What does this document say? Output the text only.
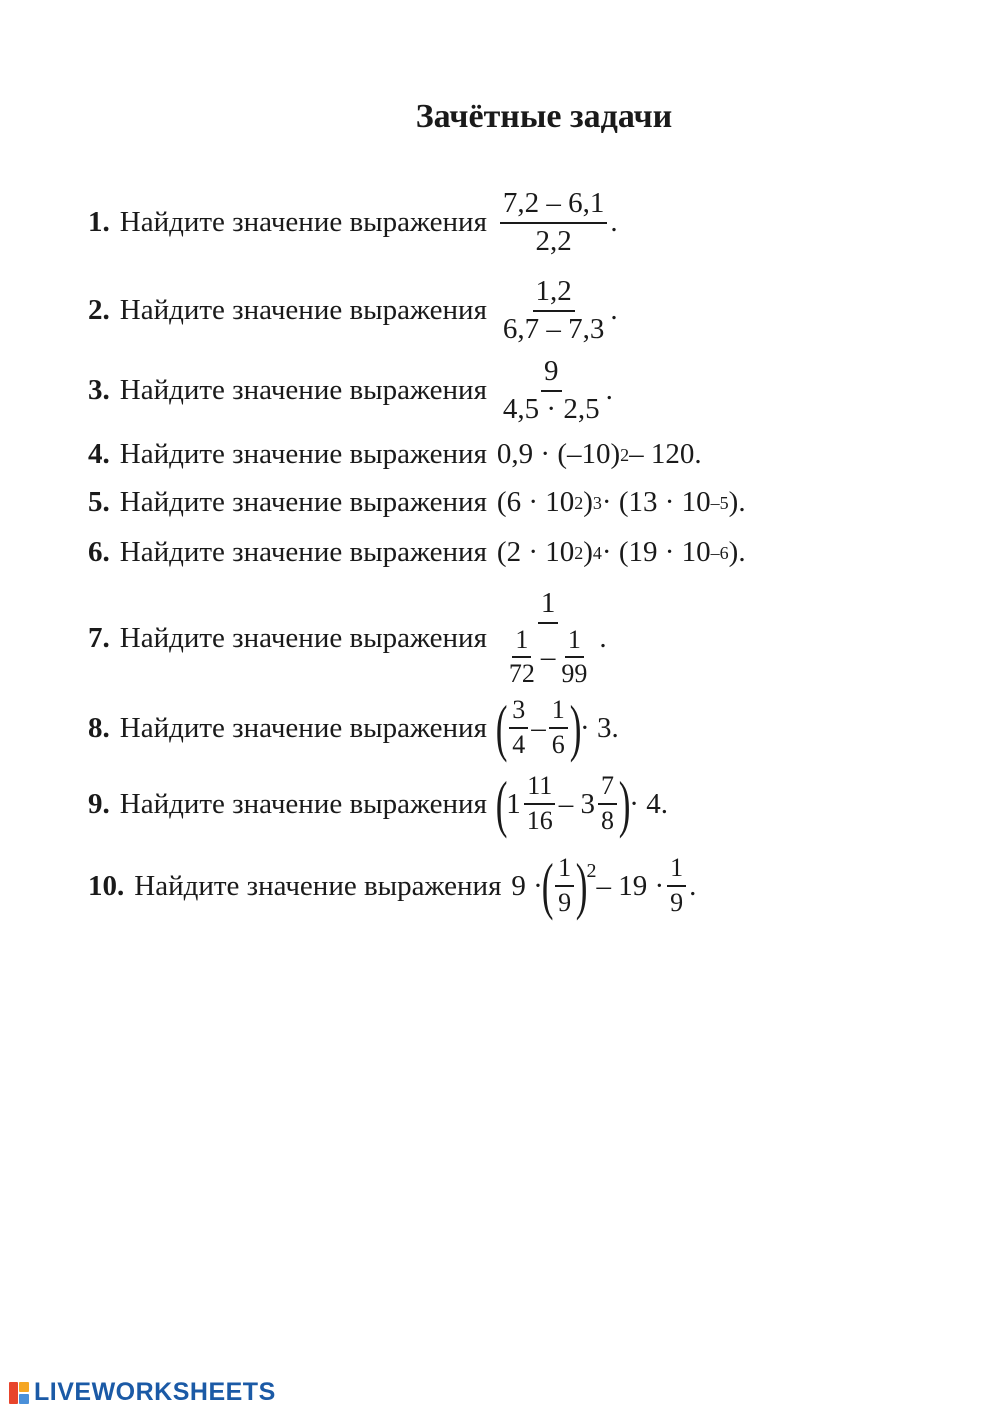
Зачётные задачи
1. Найдите значение выражения $\frac{7,2 - 6,1}{2,2}$ .
2. Найдите значение выражения $\frac{1,2}{6,7 - 7,3}$ .
3. Найдите значение выражения $\frac{9}{4,5 \cdot 2,5}$ .
4. Найдите значение выражения 0,9 · (–10) 2 – 120 .
5. Найдите значение выражения (6 · 10 2 ) 3 · (13 · 10 –5 ) .
6. Найдите значение выражения (2 · 10 2 ) 4 · (19 · 10 –6 ) .
7. Найдите значение выражения $\frac{1}{\frac{1}{72} - \frac{1}{99}}$ .
8. Найдите значение выражения ( $\frac{3}{4} - \frac{1}{6}$ )
· 3 .
9. Найдите значение выражения (
$1 \frac{11}{16} - 3 \frac{7}{8}$ )
· 4 .
10. Найдите значение выражения 9 ·
( $\frac{1}{9}$ )
$2 - 19 \cdot \frac{1}{9}$ .
LIVEWORKSHEETS
